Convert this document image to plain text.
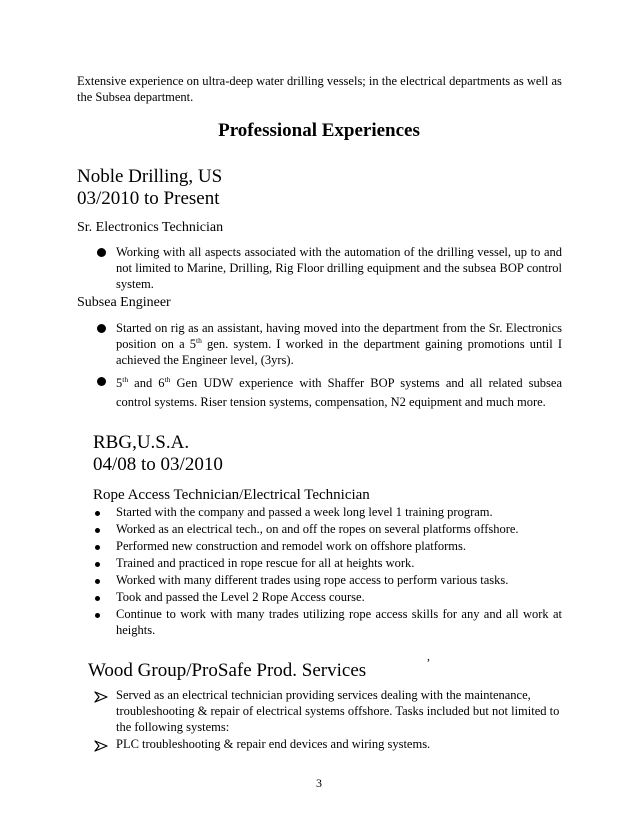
Extensive experience on ultra-deep water drilling vessels; in the electrical departments as well as the Subsea department.
Professional Experiences
Noble Drilling, US
03/2010 to Present
Sr. Electronics Technician
Working with all aspects associated with the automation of the drilling vessel, up to and not limited to Marine, Drilling, Rig Floor drilling equipment and the subsea BOP control system.
Subsea Engineer
Started on rig as an assistant, having moved into the department from the Sr. Electronics position on a 5th gen. system. I worked in the department gaining promotions until I achieved the Engineer level, (3yrs).
5th and 6th Gen UDW experience with Shaffer BOP systems and all related subsea control systems. Riser tension systems, compensation, N2 equipment and much more.
RBG,U.S.A.
04/08 to 03/2010
Rope Access Technician/Electrical Technician
Started with the company and passed a week long level 1 training program.
Worked as an electrical tech., on and off the ropes on several platforms offshore.
Performed new construction and remodel work on offshore platforms.
Trained and practiced in rope rescue for all at heights work.
Worked with many different trades using rope access to perform various tasks.
Took and passed the Level 2 Rope Access course.
Continue to work with many trades utilizing rope access skills for any and all work at heights.
,
Wood Group/ProSafe Prod. Services
Served as an electrical technician providing services dealing with the maintenance, troubleshooting & repair of electrical systems offshore. Tasks included but not limited to the following systems:
PLC troubleshooting & repair end devices and wiring systems.
3
